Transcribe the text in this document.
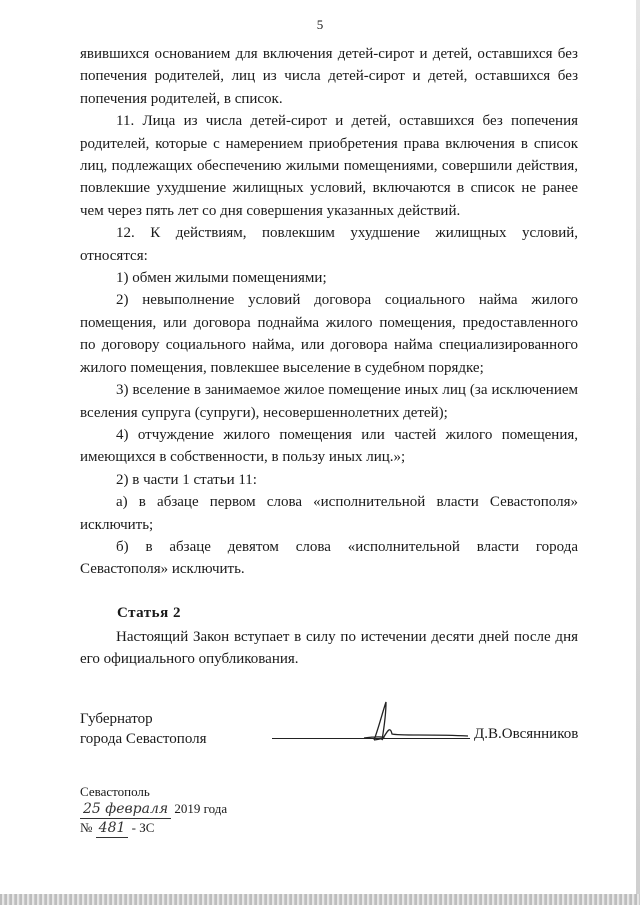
5

явившихся основанием для включения детей-сирот и детей, оставшихся без попечения родителей, лиц из числа детей-сирот и детей, оставшихся без попечения родителей, в список.

11. Лица из числа детей-сирот и детей, оставшихся без попечения родителей, которые с намерением приобретения права включения в список лиц, подлежащих обеспечению жилыми помещениями, совершили действия, повлекшие ухудшение жилищных условий, включаются в список не ранее чем через пять лет со дня совершения указанных действий.

12. К действиям, повлекшим ухудшение жилищных условий, относятся:

1) обмен жилыми помещениями;

2) невыполнение условий договора социального найма жилого помещения, или договора поднайма жилого помещения, предоставленного по договору социального найма, или договора найма специализированного жилого помещения, повлекшее выселение в судебном порядке;

3) вселение в занимаемое жилое помещение иных лиц (за исключением вселения супруга (супруги), несовершеннолетних детей);

4) отчуждение жилого помещения или частей жилого помещения, имеющихся в собственности, в пользу иных лиц.»;

2) в части 1 статьи 11:

а) в абзаце первом слова «исполнительной власти Севастополя» исключить;

б) в абзаце девятом слова «исполнительной власти города Севастополя» исключить.

Статья 2

Настоящий Закон вступает в силу по истечении десяти дней после дня его официального опубликования.

Губернатор
города Севастополя	Д.В.Овсянников
Севастополь
25 февраля 2019 года
№ 481 - ЗС
